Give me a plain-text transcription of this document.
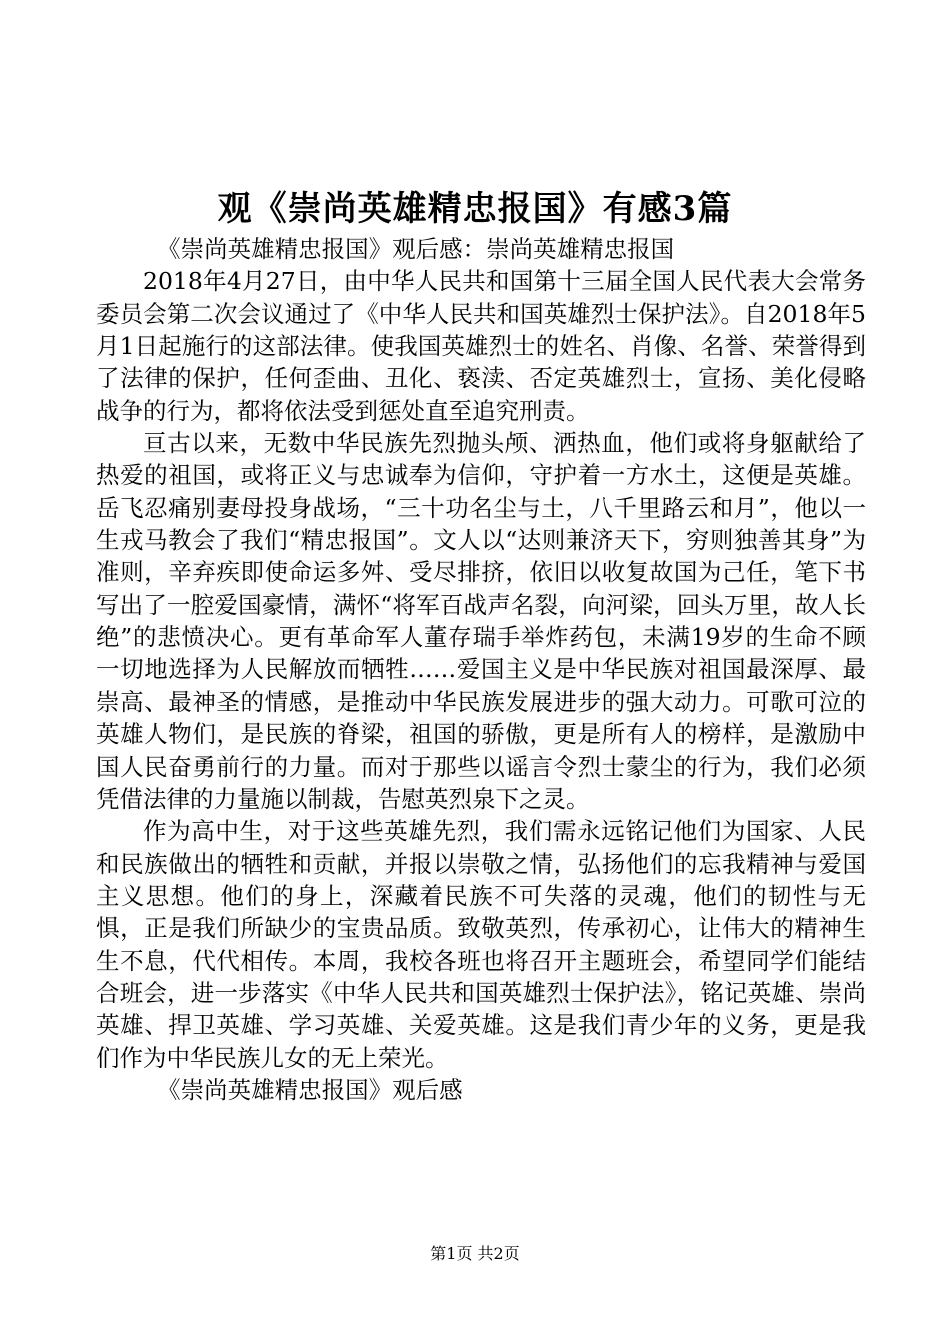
观《崇尚英雄精忠报国》有感3篇

《崇尚英雄精忠报国》观后感：崇尚英雄精忠报国

2018年4月27日，由中华人民共和国第十三届全国人民代表大会常务委员会第二次会议通过了《中华人民共和国英雄烈士保护法》。自2018年5月1日起施行的这部法律。使我国英雄烈士的姓名、肖像、名誉、荣誉得到了法律的保护，任何歪曲、丑化、亵渎、否定英雄烈士，宣扬、美化侵略战争的行为，都将依法受到惩处直至追究刑责。

亘古以来，无数中华民族先烈抛头颅、洒热血，他们或将身躯献给了热爱的祖国，或将正义与忠诚奉为信仰，守护着一方水土，这便是英雄。岳飞忍痛别妻母投身战场，“三十功名尘与土，八千里路云和月”，他以一生戎马教会了我们“精忠报国”。文人以“达则兼济天下，穷则独善其身”为准则，辛弃疾即使命运多舛、受尽排挤，依旧以收复故国为己任，笔下书写出了一腔爱国豪情，满怀“将军百战声名裂，向河梁，回头万里，故人长绝”的悲愤决心。更有革命军人董存瑞手举炸药包，未满19岁的生命不顾一切地选择为人民解放而牺牲……爱国主义是中华民族对祖国最深厚、最崇高、最神圣的情感，是推动中华民族发展进步的强大动力。可歌可泣的英雄人物们，是民族的脊梁，祖国的骄傲，更是所有人的榜样，是激励中国人民奋勇前行的力量。而对于那些以谣言令烈士蒙尘的行为，我们必须凭借法律的力量施以制裁，告慰英烈泉下之灵。

作为高中生，对于这些英雄先烈，我们需永远铭记他们为国家、人民和民族做出的牺牲和贡献，并报以崇敬之情，弘扬他们的忘我精神与爱国主义思想。他们的身上，深藏着民族不可失落的灵魂，他们的韧性与无惧，正是我们所缺少的宝贵品质。致敬英烈，传承初心，让伟大的精神生生不息，代代相传。本周，我校各班也将召开主题班会，希望同学们能结合班会，进一步落实《中华人民共和国英雄烈士保护法》，铭记英雄、崇尚英雄、捍卫英雄、学习英雄、关爱英雄。这是我们青少年的义务，更是我们作为中华民族儿女的无上荣光。

《崇尚英雄精忠报国》观后感

第1页 共2页
